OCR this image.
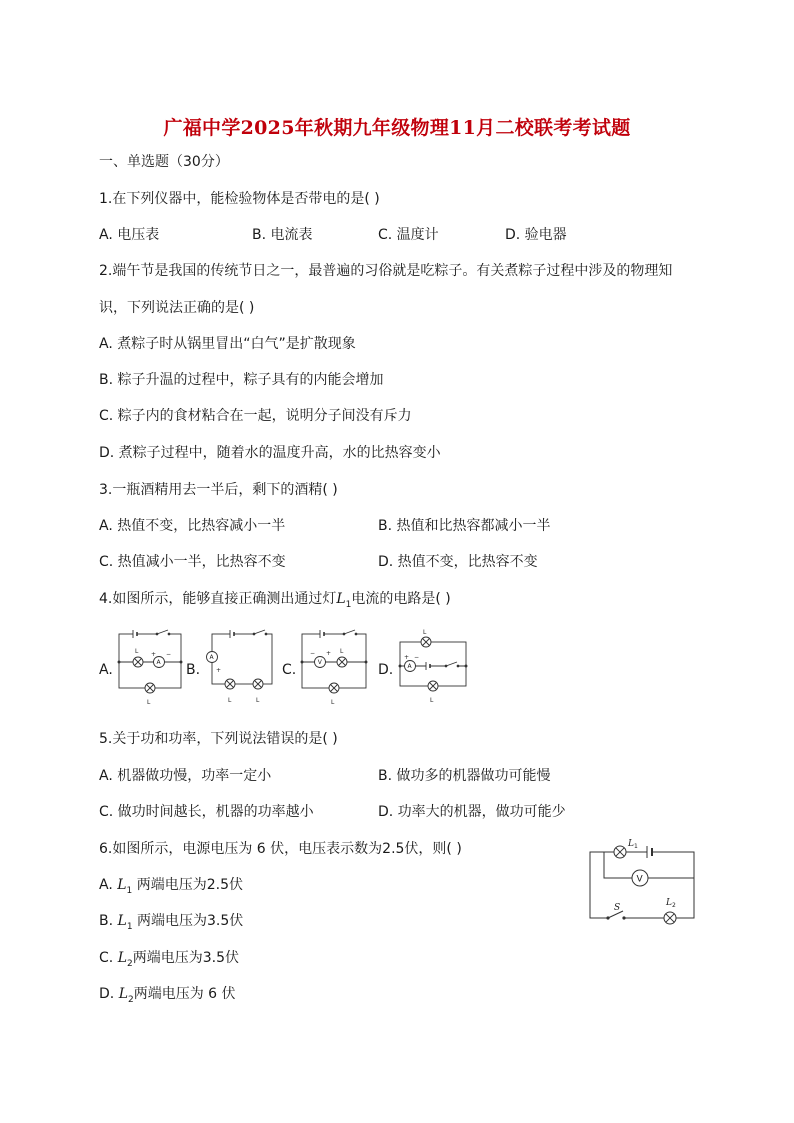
广福中学2025年秋期九年级物理11月二校联考考试题
一、单选题（30分）
1.在下列仪器中，能检验物体是否带电的是( )
A. 电压表	B. 电流表	C. 温度计	D. 验电器
2.端午节是我国的传统节日之一，最普遍的习俗就是吃粽子。有关煮粽子过程中涉及的物理知
识，下列说法正确的是( )
A. 煮粽子时从锅里冒出“白气”是扩散现象
B. 粽子升温的过程中，粽子具有的内能会增加
C. 粽子内的食材粘合在一起，说明分子间没有斥力
D. 煮粽子过程中，随着水的温度升高，水的比热容变小
3.一瓶酒精用去一半后，剩下的酒精( )
A. 热值不变，比热容减小一半	B. 热值和比热容都减小一半
C. 热值减小一半，比热容不变	D. 热值不变，比热容不变
4.如图所示，能够直接正确测出通过灯$L_1$电流的电路是( )
A.	B.	C.	D.
A
L + −
L
A
+
L	L
V
− + L
L
A
+ −
L
L
5.关于功和功率，下列说法错误的是( )
A. 机器做功慢，功率一定小	B. 做功多的机器做功可能慢
C. 做功时间越长，机器的功率越小	D. 功率大的机器，做功可能少
6.如图所示，电源电压为 6 伏，电压表示数为2.5伏，则( )
A. $L_1$ 两端电压为2.5伏
B. $L_1$ 两端电压为3.5伏
C. $L_2$两端电压为3.5伏
D. $L_2$两端电压为 6 伏
V
L 1
S	L 2
